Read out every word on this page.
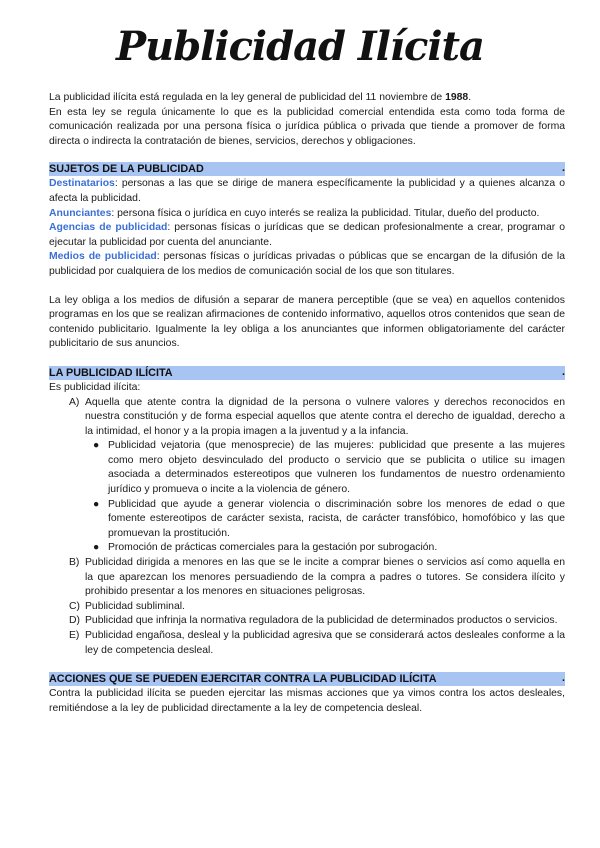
Publicidad Ilícita

La publicidad ilícita está regulada en la ley general de publicidad del 11 noviembre de 1988.

En esta ley se regula únicamente lo que es la publicidad comercial entendida esta como toda forma de comunicación realizada por una persona física o jurídica pública o privada que tiende a promover de forma directa o indirecta la contratación de bienes, servicios, derechos y obligaciones.

SUJETOS DE LA PUBLICIDAD	.

Destinatarios: personas a las que se dirige de manera específicamente la publicidad y a quienes alcanza o afecta la publicidad.

Anunciantes: persona física o jurídica en cuyo interés se realiza la publicidad. Titular, dueño del producto.

Agencias de publicidad: personas físicas o jurídicas que se dedican profesionalmente a crear, programar o ejecutar la publicidad por cuenta del anunciante.

Medios de publicidad: personas físicas o jurídicas privadas o públicas que se encargan de la difusión de la publicidad por cualquiera de los medios de comunicación social de los que son titulares.

La ley obliga a los medios de difusión a separar de manera perceptible (que se vea) en aquellos contenidos programas en los que se realizan afirmaciones de contenido informativo, aquellos otros contenidos que sean de contenido publicitario. Igualmente la ley obliga a los anunciantes que informen obligatoriamente del carácter publicitario de sus anuncios.

LA PUBLICIDAD ILÍCITA	.

Es publicidad ilícita:

A) Aquella que atente contra la dignidad de la persona o vulnere valores y derechos reconocidos en nuestra constitución y de forma especial aquellos que atente contra el derecho de igualdad, derecho a la intimidad, el honor y a la propia imagen a la juventud y a la infancia.
● Publicidad vejatoria (que menosprecie) de las mujeres: publicidad que presente a las mujeres como mero objeto desvinculado del producto o servicio que se publicita o utilice su imagen asociada a determinados estereotipos que vulneren los fundamentos de nuestro ordenamiento jurídico y promueva o incite a la violencia de género.
● Publicidad que ayude a generar violencia o discriminación sobre los menores de edad o que fomente estereotipos de carácter sexista, racista, de carácter transfóbico, homofóbico y las que promuevan la prostitución.
● Promoción de prácticas comerciales para la gestación por subrogación.
B) Publicidad dirigida a menores en las que se le incite a comprar bienes o servicios así como aquella en la que aparezcan los menores persuadiendo de la compra a padres o tutores. Se considera ilícito y prohibido presentar a los menores en situaciones peligrosas.
C) Publicidad subliminal.
D) Publicidad que infrinja la normativa reguladora de la publicidad de determinados productos o servicios.
E) Publicidad engañosa, desleal y la publicidad agresiva que se considerará actos desleales conforme a la ley de competencia desleal.
ACCIONES QUE SE PUEDEN EJERCITAR CONTRA LA PUBLICIDAD ILÍCITA	.

Contra la publicidad ilícita se pueden ejercitar las mismas acciones que ya vimos contra los actos desleales, remitiéndose a la ley de publicidad directamente a la ley de competencia desleal.
